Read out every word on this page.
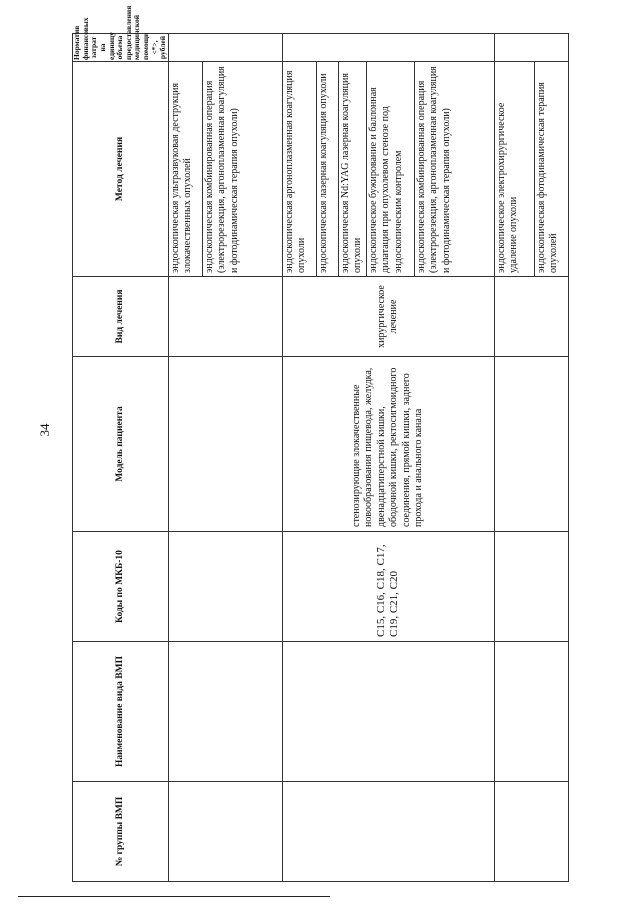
34
№ группы ВМП	Наименование вида ВМП	Коды по МКБ-10	Модель пациента	Вид лечения	Метод лечения	Норматив финансовых затрат на единицу объема предоставления медицинской помощи <*>, рублей
					эндоскопическая ультразвуковая деструкция злокачественных опухолей	
					эндоскопическая комбинированная операция (электрорезекция, аргоноплазменная коагуляция и фотодинамическая терапия опухоли)	
		C15, C16, C18, C17, C19, C21, C20	стенозирующие злокачественные новообразования пищевода, желудка, двенадцатиперстной кишки, ободочной кишки, ректосигмоидного соединения, прямой кишки, заднего прохода и анального канала	хирургическое лечение	эндоскопическая аргоноплазменная коагуляция опухоли	
					эндоскопическая лазерная коагуляция опухоли	
					эндоскопическая Nd:YAG лазерная коагуляция опухоли	
					эндоскопическое бужирование и баллонная дилатация при опухолевом стенозе под эндоскопическим контролем	
					эндоскопическая комбинированная операция (электрорезекция, аргоноплазменная коагуляция и фотодинамическая терапия опухоли)	
					эндоскопическое электрохирургическое удаление опухоли	
					эндоскопическая фотодинамическая терапия опухолей	
